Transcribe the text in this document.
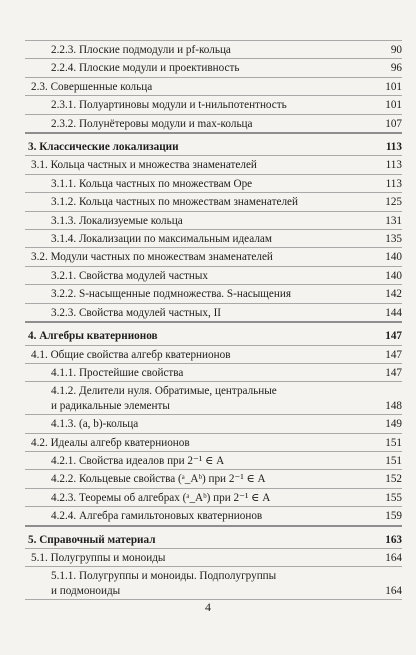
2.2.3. Плоские подмодули и pf-кольца	90
2.2.4. Плоские модули и проективность	96
2.3. Совершенные кольца	101
2.3.1. Полуартиновы модули и t-нильпотентность	101
2.3.2. Полунётеровы модули и max-кольца	107
3. Классические локализации	113
3.1. Кольца частных и множества знаменателей	113
3.1.1. Кольца частных по множествам Оре	113
3.1.2. Кольца частных по множествам знаменателей	125
3.1.3. Локализуемые кольца	131
3.1.4. Локализации по максимальным идеалам	135
3.2. Модули частных по множествам знаменателей	140
3.2.1. Свойства модулей частных	140
3.2.2. S-насыщенные подмножества. S-насыщения	142
3.2.3. Свойства модулей частных, II	144
4. Алгебры кватернионов	147
4.1. Общие свойства алгебр кватернионов	147
4.1.1. Простейшие свойства	147
4.1.2. Делители нуля. Обратимые, центральные
и радикальные элементы	148
4.1.3. (a, b)-кольца	149
4.2. Идеалы алгебр кватернионов	151
4.2.1. Свойства идеалов при 2⁻¹ ∈ A	151
4.2.2. Кольцевые свойства (ᵃ_Aᵇ) при 2⁻¹ ∈ A	152
4.2.3. Теоремы об алгебрах (ᵃ_Aᵇ) при 2⁻¹ ∈ A	155
4.2.4. Алгебра гамильтоновых кватернионов	159
5. Справочный материал	163
5.1. Полугруппы и моноиды	164
5.1.1. Полугруппы и моноиды. Подполугруппы
и подмоноиды	164
4
